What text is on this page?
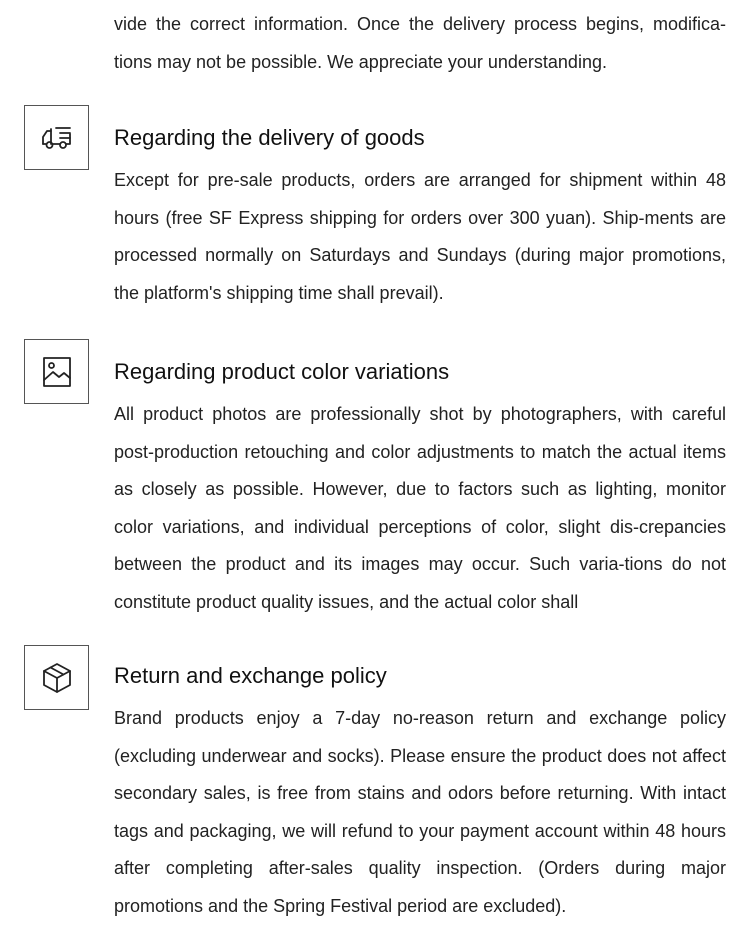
vide the correct information. Once the delivery process begins, modifica-tions may not be possible. We appreciate your understanding.
Regarding the delivery of goods
Except for pre-sale products, orders are arranged for shipment within 48 hours (free SF Express shipping for orders over 300 yuan). Ship-ments are processed normally on Saturdays and Sundays (during major promotions, the platform's shipping time shall prevail).
Regarding product color variations
All product photos are professionally shot by photographers, with careful post-production retouching and color adjustments to match the actual items as closely as possible. However, due to factors such as lighting, monitor color variations, and individual perceptions of color, slight dis-crepancies between the product and its images may occur. Such varia-tions do not constitute product quality issues, and the actual color shall
Return and exchange policy
Brand products enjoy a 7-day no-reason return and exchange policy (excluding underwear and socks). Please ensure the product does not affect secondary sales, is free from stains and odors before returning. With intact tags and packaging, we will refund to your payment account within 48 hours after completing after-sales quality inspection. (Orders during major promotions and the Spring Festival period are excluded).
